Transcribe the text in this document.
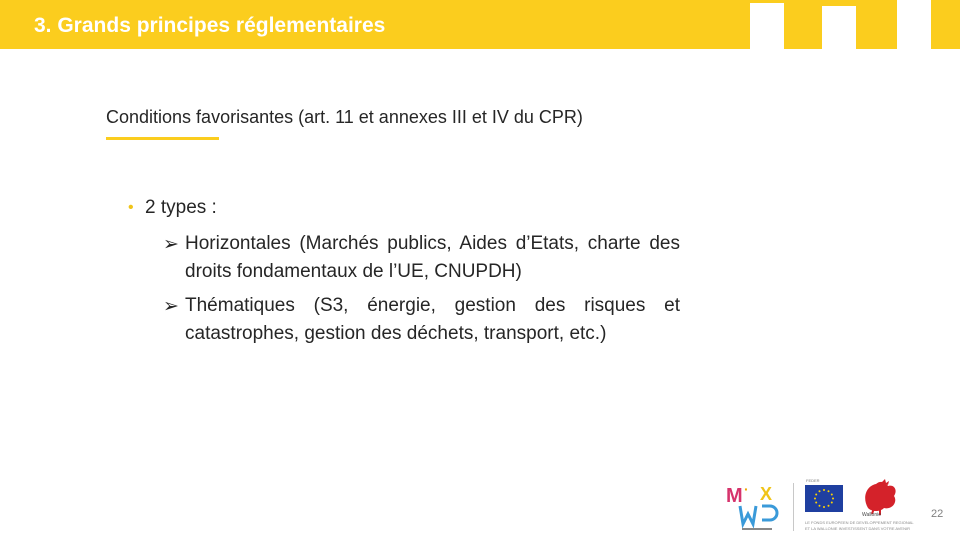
3. Grands principes réglementaires
Conditions favorisantes (art. 11 et annexes III et IV du CPR)
• 2 types :
➢ Horizontales (Marchés publics, Aides d’Etats, charte des droits fondamentaux de l’UE, CNUPDH)
➢ Thématiques (S3, énergie, gestion des risques et catastrophes, gestion des déchets, transport, etc.)
M · X
FEDER
Wallonie
LE FONDS EUROPEEN DE DEVELOPPEMENT REGIONAL
ET LA WALLONIE INVESTISSENT DANS VOTRE AVENIR
22
